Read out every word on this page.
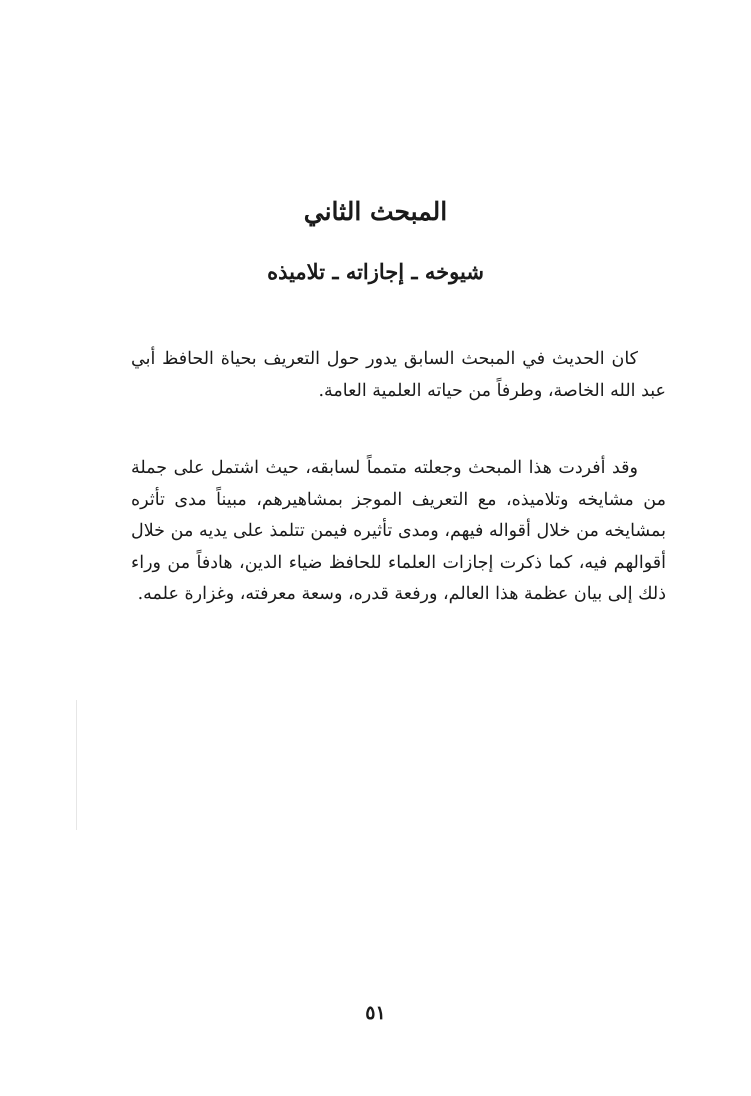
المبحث الثاني
شيوخه ـ إجازاته ـ تلاميذه

كان الحديث في المبحث السابق يدور حول التعريف بحياة الحافظ أبي عبد الله الخاصة، وطرفاً من حياته العلمية العامة.

وقد أفردت هذا المبحث وجعلته متمماً لسابقه، حيث اشتمل على جملة من مشايخه وتلاميذه، مع التعريف الموجز بمشاهيرهم، مبيناً مدى تأثره بمشايخه من خلال أقواله فيهم، ومدى تأثيره فيمن تتلمذ على يديه من خلال أقوالهم فيه، كما ذكرت إجازات العلماء للحافظ ضياء الدين، هادفاً من وراء ذلك إلى بيان عظمة هذا العالم، ورفعة قدره، وسعة معرفته، وغزارة علمه.

٥١
